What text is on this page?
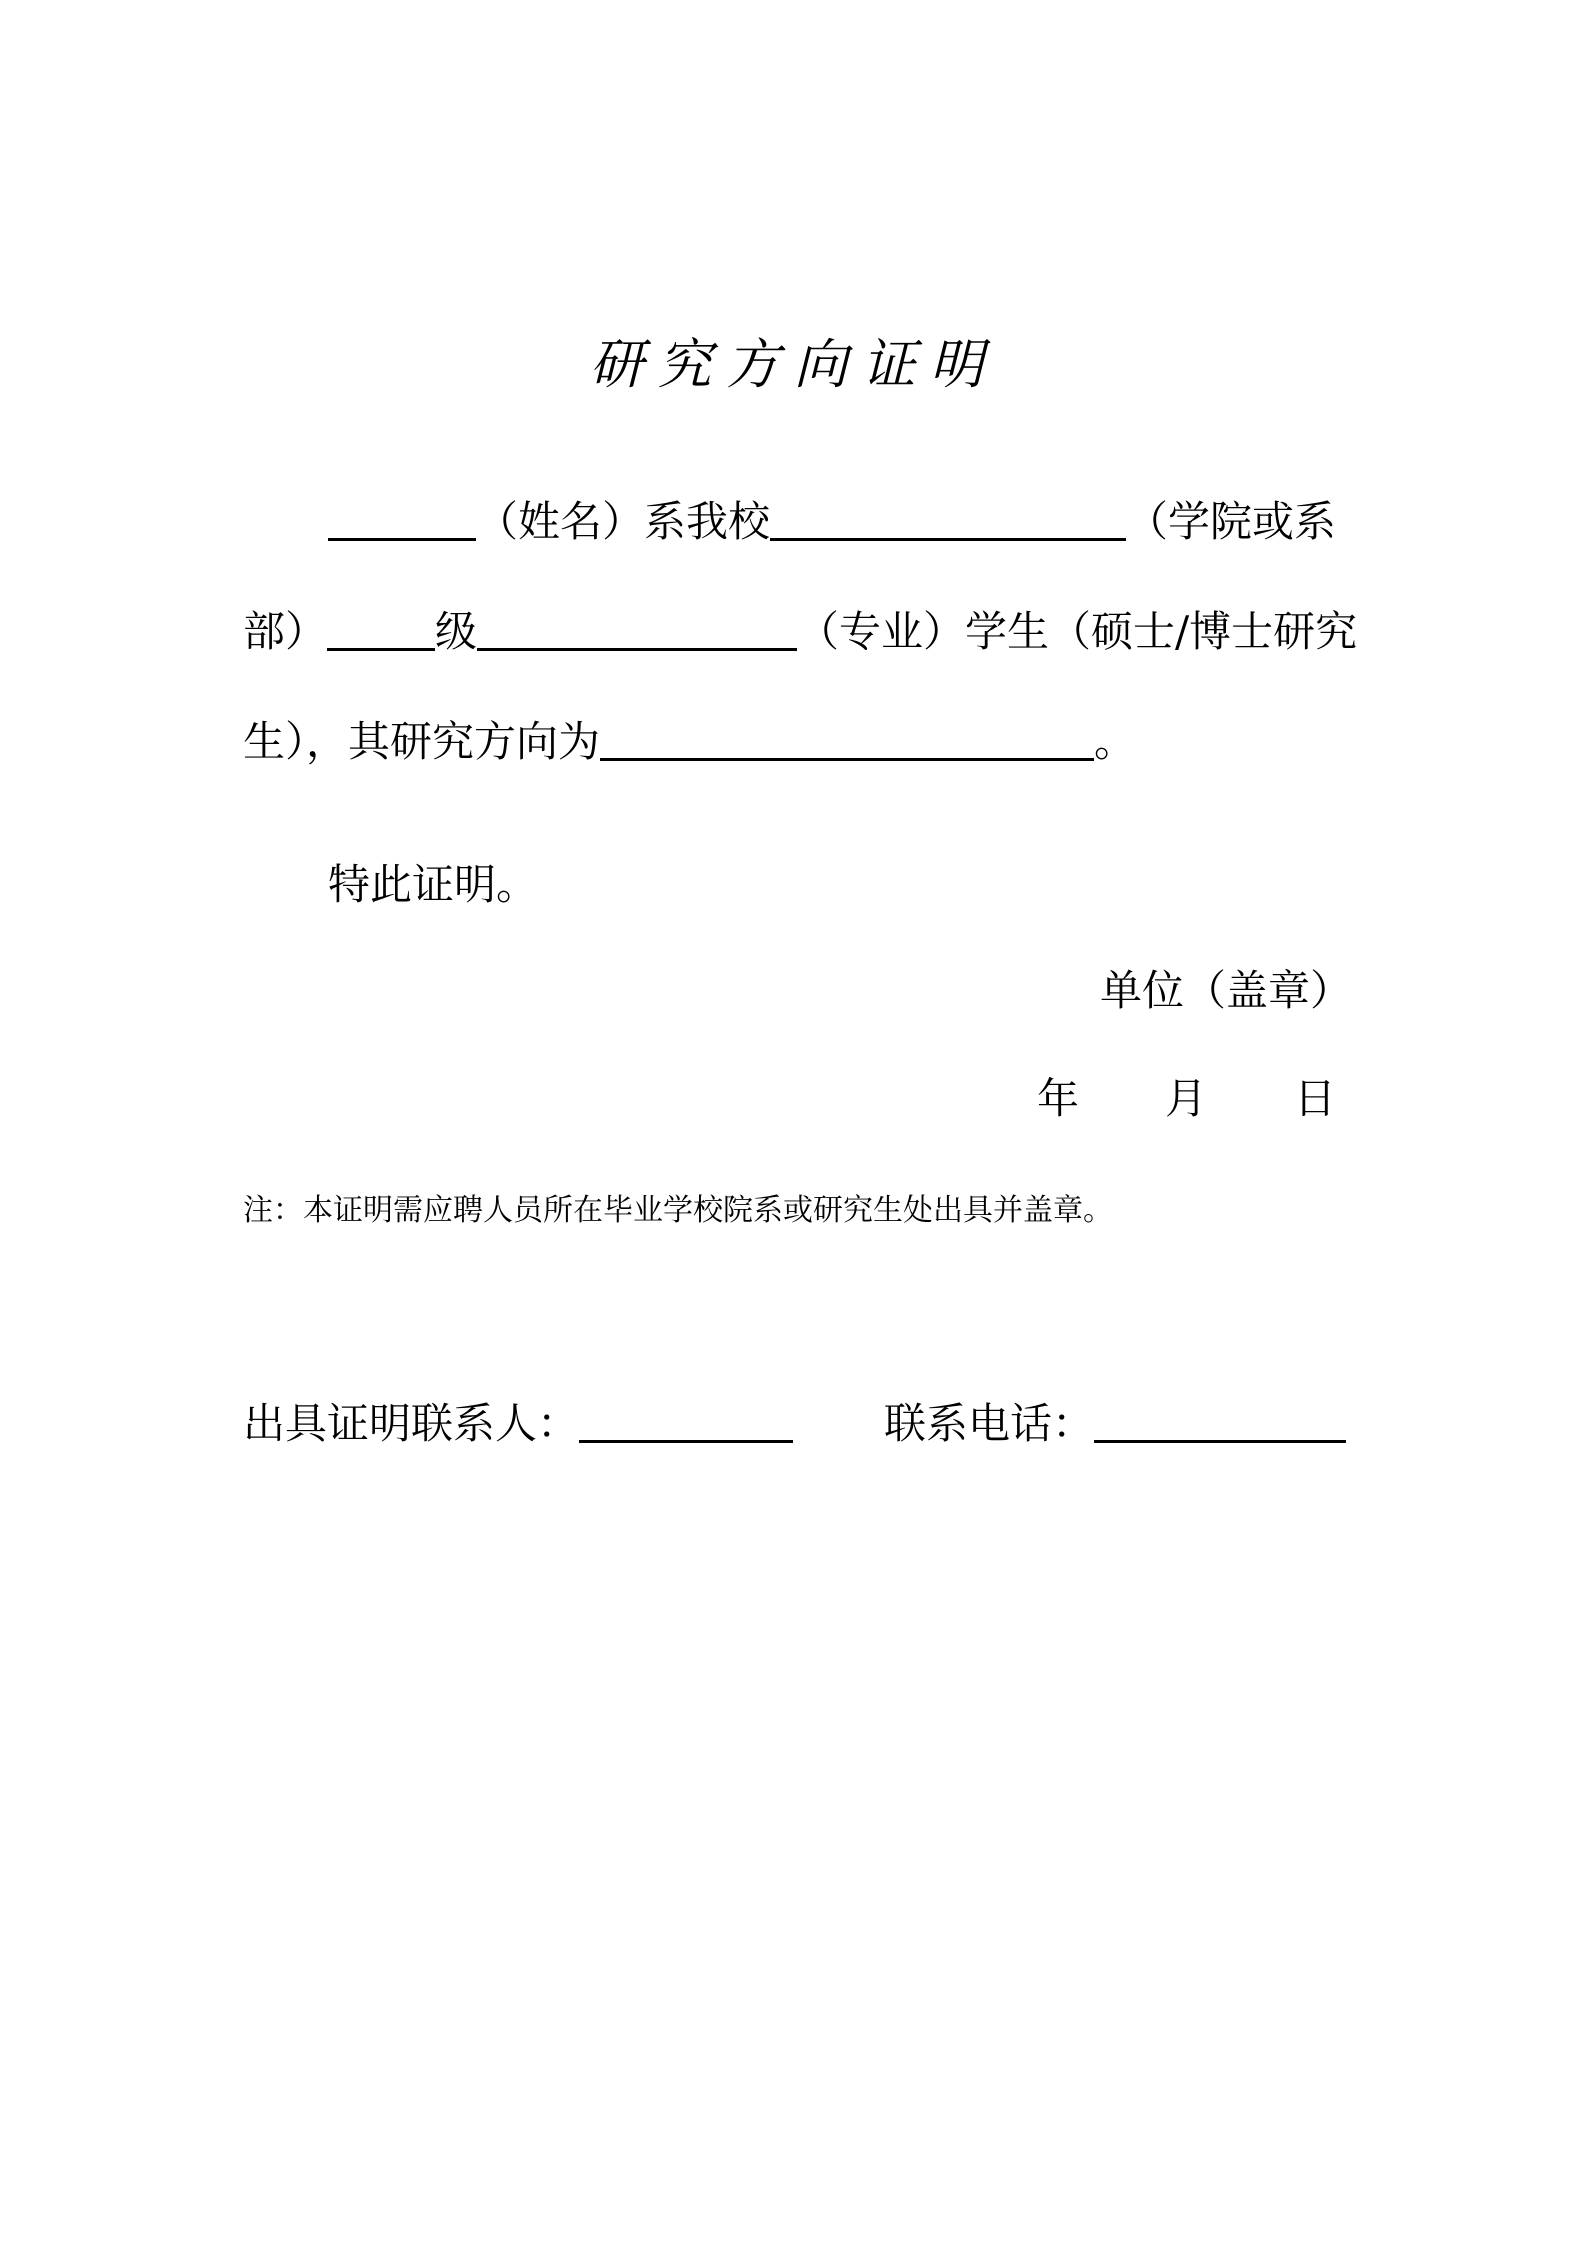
研究方向证明
（姓名）系我校	（学院或系
部）	级	（专业）学生（硕士/博士研究
生），其研究方向为	。
特此证明。
单位（盖章）
年 月 日
注：本证明需应聘人员所在毕业学校院系或研究生处出具并盖章。
出具证明联系人：	联系电话：
